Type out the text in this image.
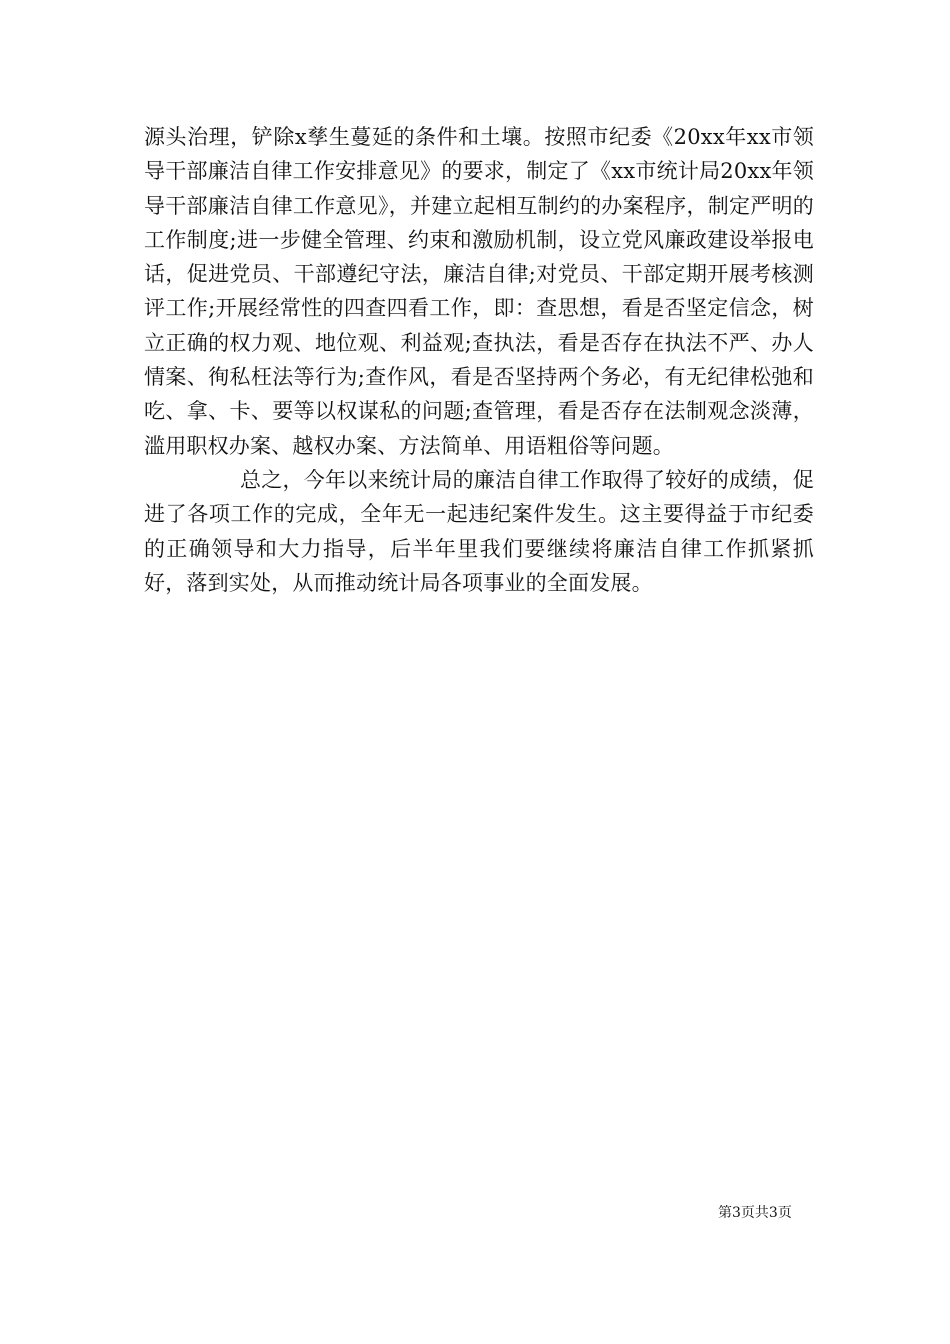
源头治理，铲除x孳生蔓延的条件和土壤。按照市纪委《20xx年xx市领导干部廉洁自律工作安排意见》的要求，制定了《xx市统计局20xx年领导干部廉洁自律工作意见》，并建立起相互制约的办案程序，制定严明的工作制度;进一步健全管理、约束和激励机制，设立党风廉政建设举报电话，促进党员、干部遵纪守法，廉洁自律;对党员、干部定期开展考核测评工作;开展经常性的四查四看工作，即：查思想，看是否坚定信念，树立正确的权力观、地位观、利益观;查执法，看是否存在执法不严、办人情案、徇私枉法等行为;查作风，看是否坚持两个务必，有无纪律松弛和吃、拿、卡、要等以权谋私的问题;查管理，看是否存在法制观念淡薄，滥用职权办案、越权办案、方法简单、用语粗俗等问题。

总之，今年以来统计局的廉洁自律工作取得了较好的成绩，促进了各项工作的完成，全年无一起违纪案件发生。这主要得益于市纪委的正确领导和大力指导，后半年里我们要继续将廉洁自律工作抓紧抓好，落到实处，从而推动统计局各项事业的全面发展。

第3页共3页
